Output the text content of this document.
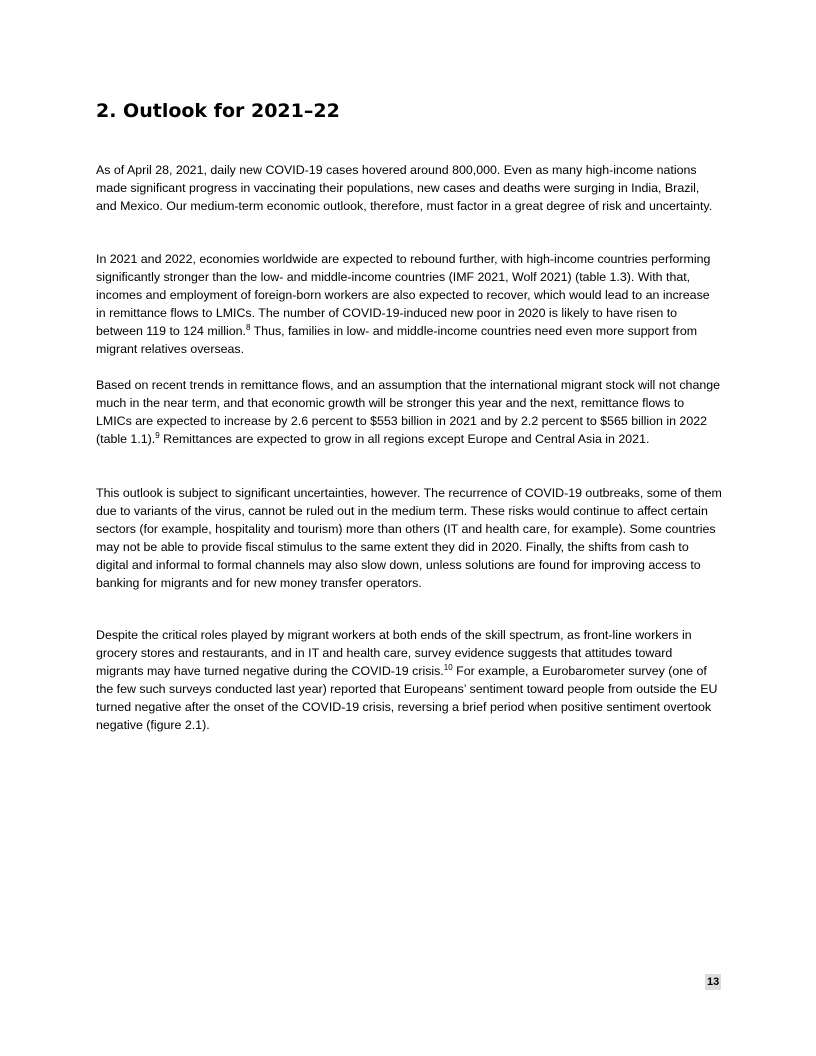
2. Outlook for 2021–22

As of April 28, 2021, daily new COVID-19 cases hovered around 800,000. Even as many high-income nations made significant progress in vaccinating their populations, new cases and deaths were surging in India, Brazil, and Mexico. Our medium-term economic outlook, therefore, must factor in a great degree of risk and uncertainty.

In 2021 and 2022, economies worldwide are expected to rebound further, with high-income countries performing significantly stronger than the low- and middle-income countries (IMF 2021, Wolf 2021) (table 1.3). With that, incomes and employment of foreign-born workers are also expected to recover, which would lead to an increase in remittance flows to LMICs. The number of COVID-19-induced new poor in 2020 is likely to have risen to between 119 to 124 million.$^8$ Thus, families in low- and middle-income countries need even more support from migrant relatives overseas.

Based on recent trends in remittance flows, and an assumption that the international migrant stock will not change much in the near term, and that economic growth will be stronger this year and the next, remittance flows to LMICs are expected to increase by 2.6 percent to $553 billion in 2021 and by 2.2 percent to $565 billion in 2022 (table 1.1).$^9$ Remittances are expected to grow in all regions except Europe and Central Asia in 2021.

This outlook is subject to significant uncertainties, however. The recurrence of COVID-19 outbreaks, some of them due to variants of the virus, cannot be ruled out in the medium term. These risks would continue to affect certain sectors (for example, hospitality and tourism) more than others (IT and health care, for example). Some countries may not be able to provide fiscal stimulus to the same extent they did in 2020. Finally, the shifts from cash to digital and informal to formal channels may also slow down, unless solutions are found for improving access to banking for migrants and for new money transfer operators.

Despite the critical roles played by migrant workers at both ends of the skill spectrum, as front-line workers in grocery stores and restaurants, and in IT and health care, survey evidence suggests that attitudes toward migrants may have turned negative during the COVID-19 crisis.$^{10}$ For example, a Eurobarometer survey (one of the few such surveys conducted last year) reported that Europeans’ sentiment toward people from outside the EU turned negative after the onset of the COVID-19 crisis, reversing a brief period when positive sentiment overtook negative (figure 2.1).

13
